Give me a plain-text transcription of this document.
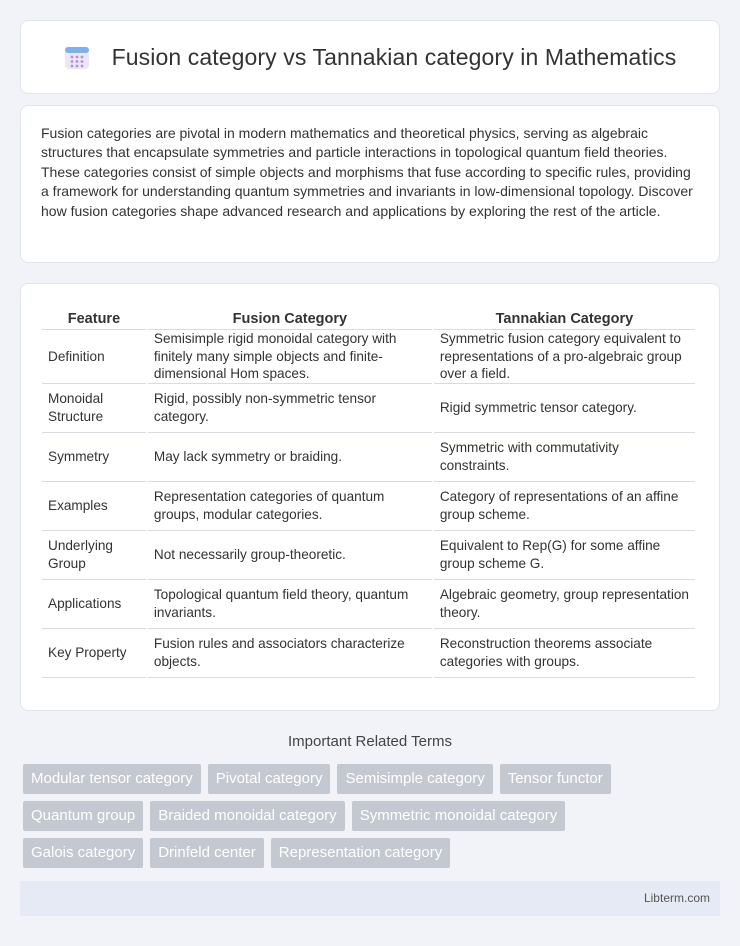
Fusion category vs Tannakian category in Mathematics

Fusion categories are pivotal in modern mathematics and theoretical physics, serving as algebraic structures that encapsulate symmetries and particle interactions in topological quantum field theories. These categories consist of simple objects and morphisms that fuse according to specific rules, providing a framework for understanding quantum symmetries and invariants in low-dimensional topology. Discover how fusion categories shape advanced research and applications by exploring the rest of the article.

Feature	Fusion Category	Tannakian Category
Definition	Semisimple rigid monoidal category with finitely many simple objects and finite-dimensional Hom spaces.	Symmetric fusion category equivalent to representations of a pro-algebraic group over a field.
Monoidal Structure	Rigid, possibly non-symmetric tensor category.	Rigid symmetric tensor category.
Symmetry	May lack symmetry or braiding.	Symmetric with commutativity constraints.
Examples	Representation categories of quantum groups, modular categories.	Category of representations of an affine group scheme.
Underlying Group	Not necessarily group-theoretic.	Equivalent to Rep(G) for some affine group scheme G.
Applications	Topological quantum field theory, quantum invariants.	Algebraic geometry, group representation theory.
Key Property	Fusion rules and associators characterize objects.	Reconstruction theorems associate categories with groups.
Important Related Terms
Modular tensor category	Pivotal category	Semisimple category	Tensor functor
Quantum group	Braided monoidal category	Symmetric monoidal category
Galois category	Drinfeld center	Representation category
Libterm.com
